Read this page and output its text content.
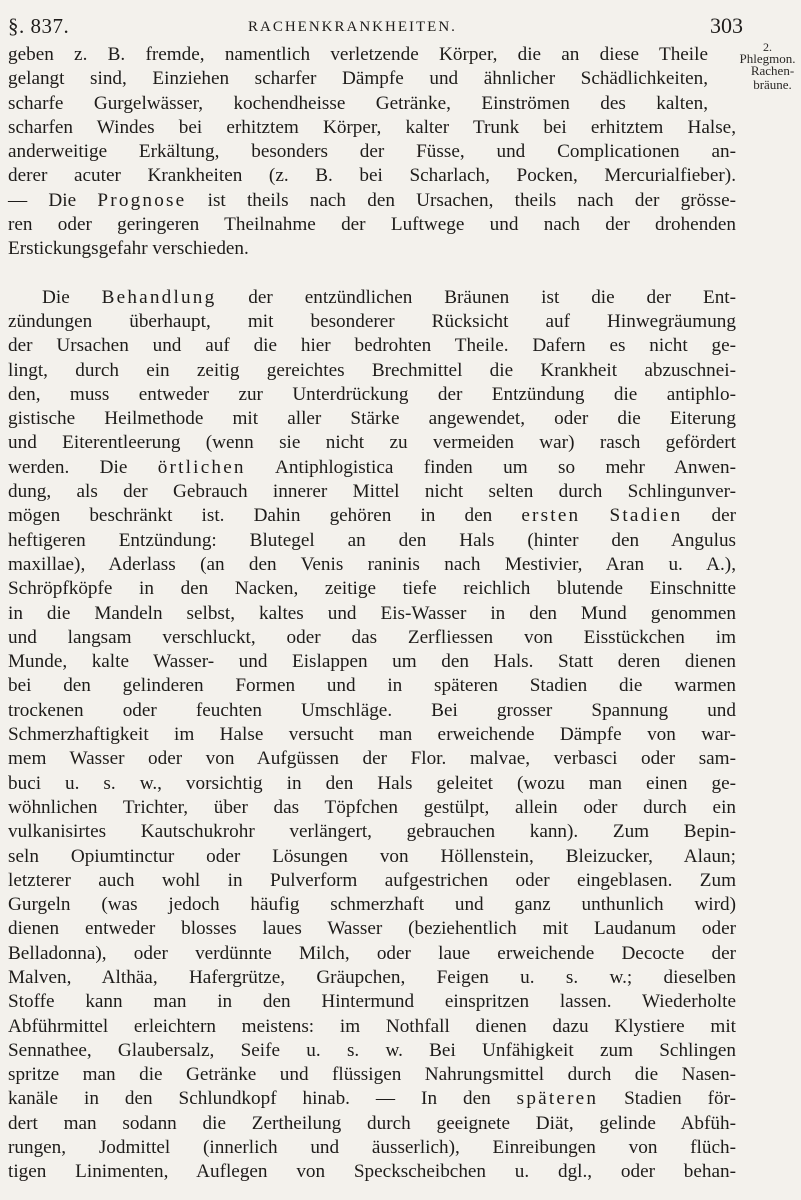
§. 837.	RACHENKRANKHEITEN.	303
2.
Phlegmon.
Rachen-
bräune.
geben z. B. fremde, namentlich verletzende Körper, die an diese Theile
gelangt sind, Einziehen scharfer Dämpfe und ähnlicher Schädlichkeiten,
scharfe Gurgelwässer, kochendheisse Getränke, Einströmen des kalten,
scharfen Windes bei erhitztem Körper, kalter Trunk bei erhitztem Halse,
anderweitige Erkältung, besonders der Füsse, und Complicationen an-
derer acuter Krankheiten (z. B. bei Scharlach, Pocken, Mercurialfieber).
— Die Prognose ist theils nach den Ursachen, theils nach der grösse-
ren oder geringeren Theilnahme der Luftwege und nach der drohenden
Erstickungsgefahr verschieden.
Die Behandlung der entzündlichen Bräunen ist die der Ent-
zündungen überhaupt, mit besonderer Rücksicht auf Hinwegräumung
der Ursachen und auf die hier bedrohten Theile. Dafern es nicht ge-
lingt, durch ein zeitig gereichtes Brechmittel die Krankheit abzuschnei-
den, muss entweder zur Unterdrückung der Entzündung die antiphlo-
gistische Heilmethode mit aller Stärke angewendet, oder die Eiterung
und Eiterentleerung (wenn sie nicht zu vermeiden war) rasch gefördert
werden. Die örtlichen Antiphlogistica finden um so mehr Anwen-
dung, als der Gebrauch innerer Mittel nicht selten durch Schlingunver-
mögen beschränkt ist. Dahin gehören in den ersten Stadien der
heftigeren Entzündung: Blutegel an den Hals (hinter den Angulus
maxillae), Aderlass (an den Venis raninis nach Mestivier, Aran u. A.),
Schröpfköpfe in den Nacken, zeitige tiefe reichlich blutende Einschnitte
in die Mandeln selbst, kaltes und Eis-Wasser in den Mund genommen
und langsam verschluckt, oder das Zerfliessen von Eisstückchen im
Munde, kalte Wasser- und Eislappen um den Hals. Statt deren dienen
bei den gelinderen Formen und in späteren Stadien die warmen
trockenen oder feuchten Umschläge. Bei grosser Spannung und
Schmerzhaftigkeit im Halse versucht man erweichende Dämpfe von war-
mem Wasser oder von Aufgüssen der Flor. malvae, verbasci oder sam-
buci u. s. w., vorsichtig in den Hals geleitet (wozu man einen ge-
wöhnlichen Trichter, über das Töpfchen gestülpt, allein oder durch ein
vulkanisirtes Kautschukrohr verlängert, gebrauchen kann). Zum Bepin-
seln Opiumtinctur oder Lösungen von Höllenstein, Bleizucker, Alaun;
letzterer auch wohl in Pulverform aufgestrichen oder eingeblasen. Zum
Gurgeln (was jedoch häufig schmerzhaft und ganz unthunlich wird)
dienen entweder blosses laues Wasser (beziehentlich mit Laudanum oder
Belladonna), oder verdünnte Milch, oder laue erweichende Decocte der
Malven, Althäa, Hafergrütze, Gräupchen, Feigen u. s. w.; dieselben
Stoffe kann man in den Hintermund einspritzen lassen. Wiederholte
Abführmittel erleichtern meistens: im Nothfall dienen dazu Klystiere mit
Sennathee, Glaubersalz, Seife u. s. w. Bei Unfähigkeit zum Schlingen
spritze man die Getränke und flüssigen Nahrungsmittel durch die Nasen-
kanäle in den Schlundkopf hinab. — In den späteren Stadien för-
dert man sodann die Zertheilung durch geeignete Diät, gelinde Abfüh-
rungen, Jodmittel (innerlich und äusserlich), Einreibungen von flüch-
tigen Linimenten, Auflegen von Speckscheibchen u. dgl., oder behan-
